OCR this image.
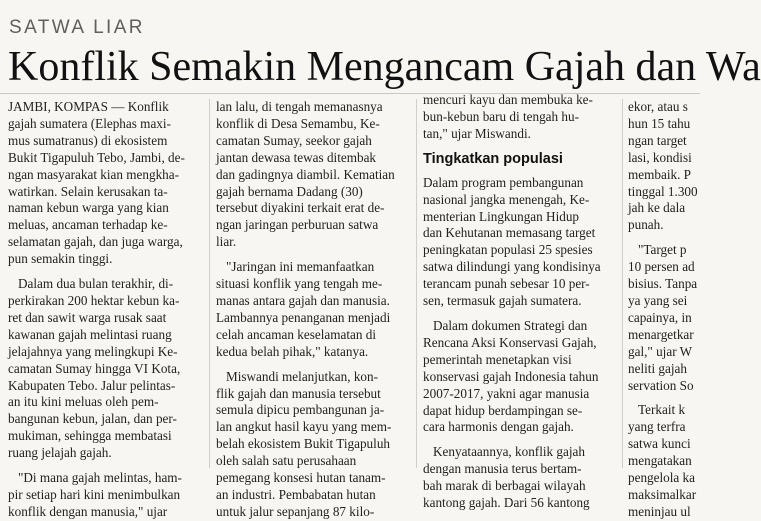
SATWA LIAR
Konflik Semakin Mengancam Gajah dan Wa
JAMBI, KOMPAS — Konflik
gajah sumatera (Elephas maxi-
mus sumatranus) di ekosistem
Bukit Tigapuluh Tebo, Jambi, de-
ngan masyarakat kian mengkha-
watirkan. Selain kerusakan ta-
naman kebun warga yang kian
meluas, ancaman terhadap ke-
selamatan gajah, dan juga warga,
pun semakin tinggi.
Dalam dua bulan terakhir, di-
perkirakan 200 hektar kebun ka-
ret dan sawit warga rusak saat
kawanan gajah melintasi ruang
jelajahnya yang melingkupi Ke-
camatan Sumay hingga VI Kota,
Kabupaten Tebo. Jalur pelintas-
an itu kini meluas oleh pem-
bangunan kebun, jalan, dan per-
mukiman, sehingga membatasi
ruang jelajah gajah.
"Di mana gajah melintas, ham-
pir setiap hari kini menimbulkan
konflik dengan manusia," ujar
lan lalu, di tengah memanasnya
konflik di Desa Semambu, Ke-
camatan Sumay, seekor gajah
jantan dewasa tewas ditembak
dan gadingnya diambil. Kematian
gajah bernama Dadang (30)
tersebut diyakini terkait erat de-
ngan jaringan perburuan satwa
liar.
"Jaringan ini memanfaatkan
situasi konflik yang tengah me-
manas antara gajah dan manusia.
Lambannya penanganan menjadi
celah ancaman keselamatan di
kedua belah pihak," katanya.
Miswandi melanjutkan, kon-
flik gajah dan manusia tersebut
semula dipicu pembangunan ja-
lan angkut hasil kayu yang mem-
belah ekosistem Bukit Tigapuluh
oleh salah satu perusahaan
pemegang konsesi hutan tanam-
an industri. Pembabatan hutan
untuk jalur sepanjang 87 kilo-
mencuri kayu dan membuka ke-
bun-kebun baru di tengah hu-
tan," ujar Miswandi.
Tingkatkan populasi
Dalam program pembangunan
nasional jangka menengah, Ke-
menterian Lingkungan Hidup
dan Kehutanan memasang target
peningkatan populasi 25 spesies
satwa dilindungi yang kondisinya
terancam punah sebesar 10 per-
sen, termasuk gajah sumatera.
Dalam dokumen Strategi dan
Rencana Aksi Konservasi Gajah,
pemerintah menetapkan visi
konservasi gajah Indonesia tahun
2007-2017, yakni agar manusia
dapat hidup berdampingan se-
cara harmonis dengan gajah.
Kenyataannya, konflik gajah
dengan manusia terus bertam-
bah marak di berbagai wilayah
kantong gajah. Dari 56 kantong
ekor, atau s
hun 15 tahu
ngan target
lasi, kondisi
membaik. P
tinggal 1.300
jah ke dala
punah.
"Target p
10 persen ad
bisius. Tanpa
ya yang sei
capainya, in
menargetkar
gal," ujar W
neliti gajah
servation So
Terkait k
yang terfra
satwa kunci
mengatakan
pengelola ka
maksimalkar
meninjau ul
